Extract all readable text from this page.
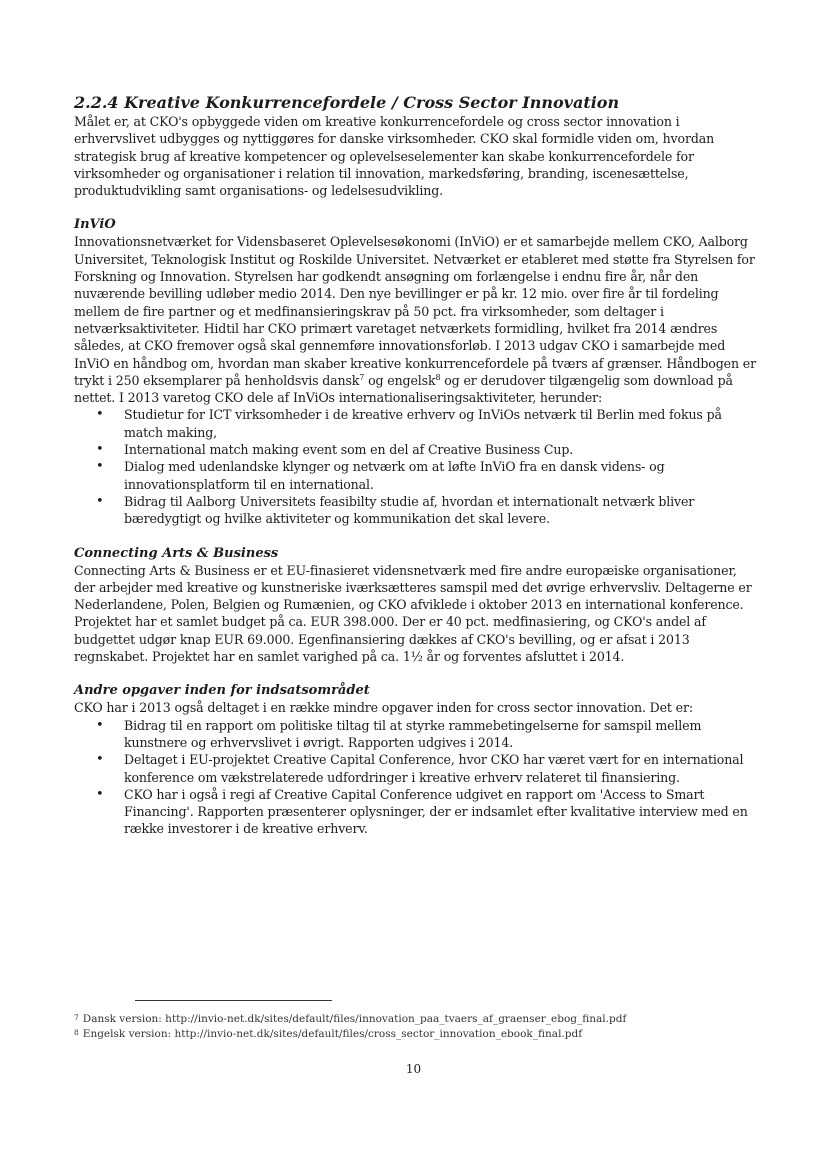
2.2.4 Kreative Konkurrencefordele / Cross Sector Innovation

Målet er, at CKO's opbyggede viden om kreative konkurrencefordele og cross sector innovation i erhvervslivet udbygges og nyttiggøres for danske virksomheder. CKO skal formidle viden om, hvordan strategisk brug af kreative kompetencer og oplevelseselementer kan skabe konkurrencefordele for virksomheder og organisationer i relation til innovation, markedsføring, branding, iscenesættelse, produktudvikling samt organisations- og ledelsesudvikling.

InViO

Innovationsnetværket for Vidensbaseret Oplevelsesøkonomi (InViO) er et samarbejde mellem CKO, Aalborg Universitet, Teknologisk Institut og Roskilde Universitet. Netværket er etableret med støtte fra Styrelsen for Forskning og Innovation. Styrelsen har godkendt ansøgning om forlængelse i endnu fire år, når den nuværende bevilling udløber medio 2014. Den nye bevillinger er på kr. 12 mio. over fire år til fordeling mellem de fire partner og et medfinansieringskrav på 50 pct. fra virksomheder, som deltager i netværksaktiviteter. Hidtil har CKO primært varetaget netværkets formidling, hvilket fra 2014 ændres således, at CKO fremover også skal gennemføre innovationsforløb. I 2013 udgav CKO i samarbejde med InViO en håndbog om, hvordan man skaber kreative konkurrencefordele på tværs af grænser. Håndbogen er trykt i 250 eksemplarer på henholdsvis dansk$^7$ og engelsk$^8$ og er derudover tilgængelig som download på nettet. I 2013 varetog CKO dele af InViOs internationaliseringsaktiviteter, herunder:

• Studietur for ICT virksomheder i de kreative erhverv og InViOs netværk til Berlin med fokus på match making,
• International match making event som en del af Creative Business Cup.
• Dialog med udenlandske klynger og netværk om at løfte InViO fra en dansk videns- og innovationsplatform til en international.
• Bidrag til Aalborg Universitets feasibilty studie af, hvordan et internationalt netværk bliver bæredygtigt og hvilke aktiviteter og kommunikation det skal levere.
Connecting Arts & Business

Connecting Arts & Business er et EU-finasieret vidensnetværk med fire andre europæiske organisationer, der arbejder med kreative og kunstneriske iværksætteres samspil med det øvrige erhvervsliv. Deltagerne er Nederlandene, Polen, Belgien og Rumænien, og CKO afviklede i oktober 2013 en international konference. Projektet har et samlet budget på ca. EUR 398.000. Der er 40 pct. medfinasiering, og CKO's andel af budgettet udgør knap EUR 69.000. Egenfinansiering dækkes af CKO's bevilling, og er afsat i 2013 regnskabet. Projektet har en samlet varighed på ca. 1½ år og forventes afsluttet i 2014.

Andre opgaver inden for indsatsområdet

CKO har i 2013 også deltaget i en række mindre opgaver inden for cross sector innovation. Det er:

• Bidrag til en rapport om politiske tiltag til at styrke rammebetingelserne for samspil mellem kunstnere og erhvervslivet i øvrigt. Rapporten udgives i 2014.
• Deltaget i EU-projektet Creative Capital Conference, hvor CKO har været vært for en international konference om vækstrelaterede udfordringer i kreative erhverv relateret til finansiering.
• CKO har i også i regi af Creative Capital Conference udgivet en rapport om 'Access to Smart Financing'. Rapporten præsenterer oplysninger, der er indsamlet efter kvalitative interview med en række investorer i de kreative erhverv.
7 Dansk version: http://invio-net.dk/sites/default/files/innovation_paa_tvaers_af_graenser_ebog_final.pdf
8 Engelsk version: http://invio-net.dk/sites/default/files/cross_sector_innovation_ebook_final.pdf
10
